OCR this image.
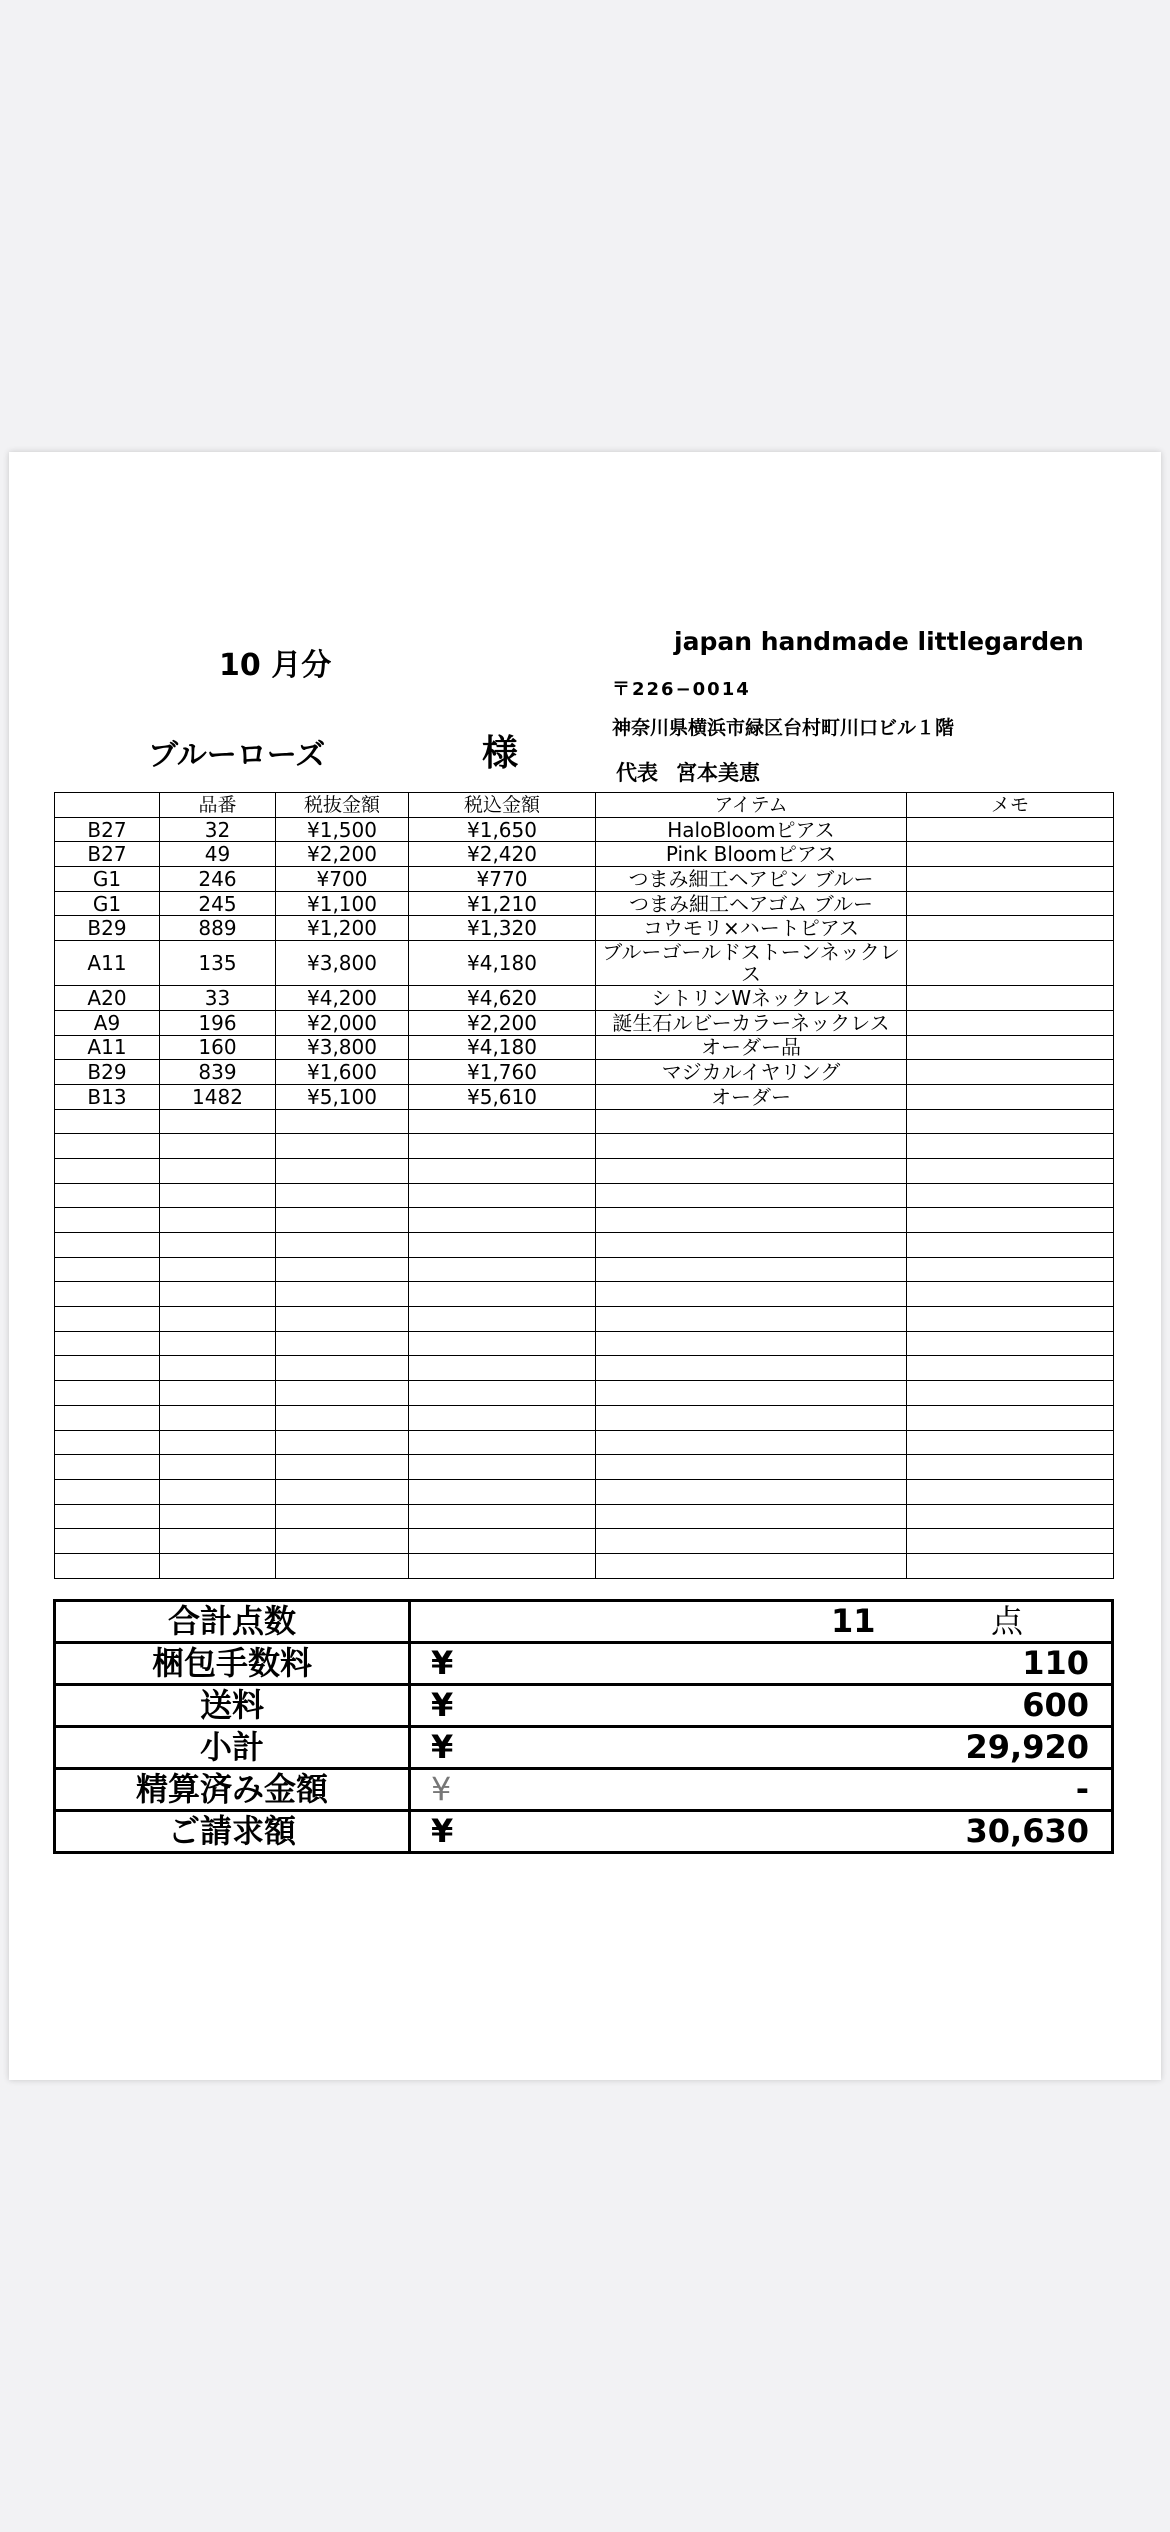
10 月分
japan handmade littlegarden
〒226−0014
神奈川県横浜市緑区台村町川口ビル１階
ブルーローズ	様	代表 宮本美恵
	品番	税抜金額	税込金額	アイテム	メモ
B27	32	¥1,500	¥1,650	HaloBloomピアス	
B27	49	¥2,200	¥2,420	Pink Bloomピアス	
G1	246	¥700	¥770	つまみ細工ヘアピン ブルー	
G1	245	¥1,100	¥1,210	つまみ細工ヘアゴム ブルー	
B29	889	¥1,200	¥1,320	コウモリ×ハートピアス	
A11	135	¥3,800	¥4,180	ブルーゴールドストーンネックレス	
A20	33	¥4,200	¥4,620	シトリンWネックレス	
A9	196	¥2,000	¥2,200	誕生石ルビーカラーネックレス	
A11	160	¥3,800	¥4,180	オーダー品	
B29	839	¥1,600	¥1,760	マジカルイヤリング	
B13	1482	¥5,100	¥5,610	オーダー	

合計点数	11 点

梱包手数料	¥ 110

送料	¥ 600

小計	¥ 29,920

精算済み金額	¥ -

ご請求額	¥ 30,630
